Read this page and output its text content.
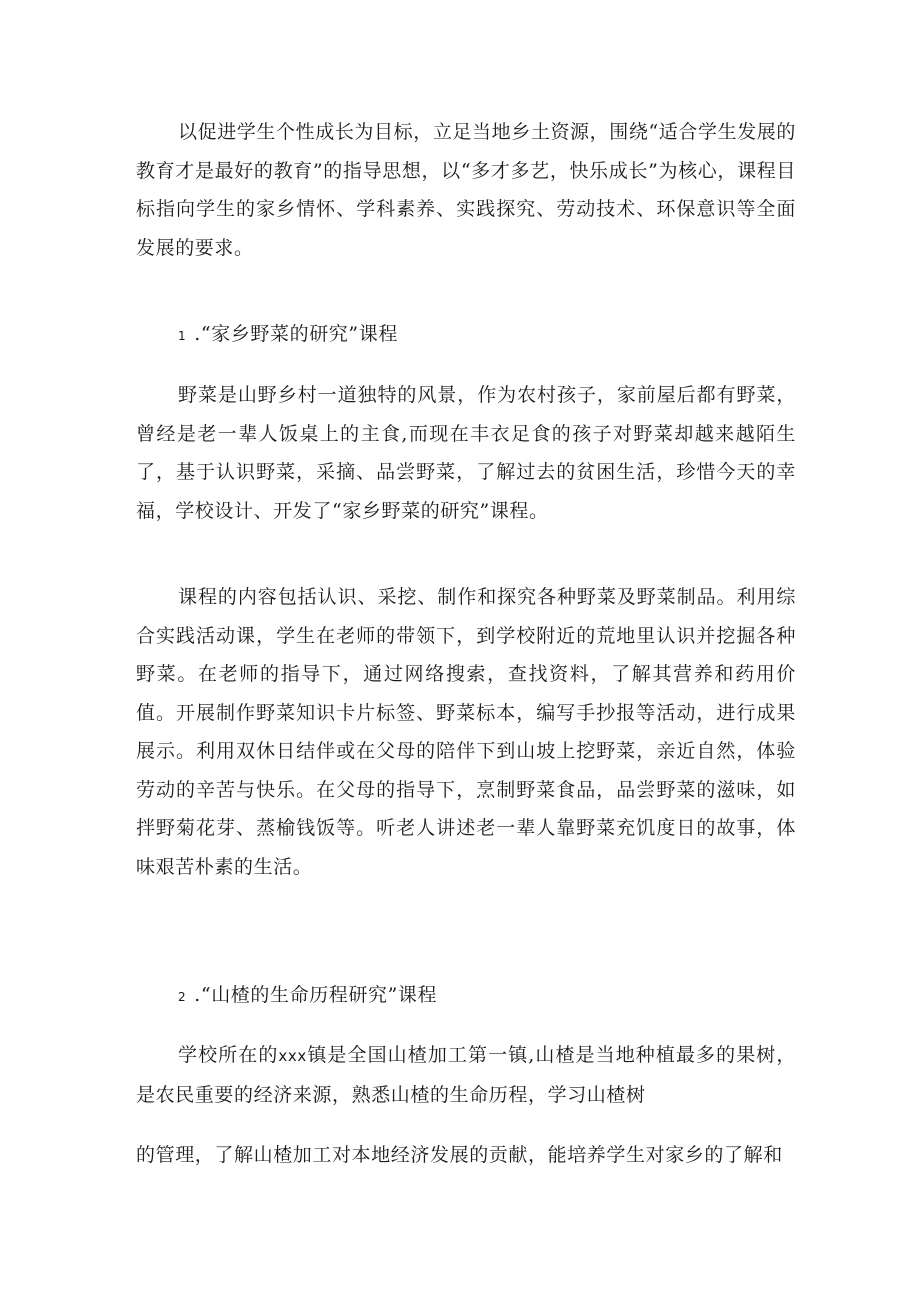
以促进学生个性成长为目标，立足当地乡土资源，围绕“适合学生发展的教育才是最好的教育”的指导思想，以“多才多艺，快乐成长”为核心，课程目标指向学生的家乡情怀、学科素养、实践探究、劳动技术、环保意识等全面发展的要求。

1 .“家乡野菜的研究”课程

野菜是山野乡村一道独特的风景，作为农村孩子，家前屋后都有野菜，曾经是老一辈人饭桌上的主食,而现在丰衣足食的孩子对野菜却越来越陌生了，基于认识野菜，采摘、品尝野菜，了解过去的贫困生活，珍惜今天的幸福，学校设计、开发了“家乡野菜的研究”课程。

课程的内容包括认识、采挖、制作和探究各种野菜及野菜制品。利用综合实践活动课，学生在老师的带领下，到学校附近的荒地里认识并挖掘各种野菜。在老师的指导下，通过网络搜索，查找资料，了解其营养和药用价值。开展制作野菜知识卡片标签、野菜标本，编写手抄报等活动，进行成果展示。利用双休日结伴或在父母的陪伴下到山坡上挖野菜，亲近自然，体验劳动的辛苦与快乐。在父母的指导下，烹制野菜食品，品尝野菜的滋味，如拌野菊花芽、蒸榆钱饭等。听老人讲述老一辈人靠野菜充饥度日的故事，体味艰苦朴素的生活。

2 .“山楂的生命历程研究”课程

学校所在的xxx镇是全国山楂加工第一镇,山楂是当地种植最多的果树，是农民重要的经济来源，熟悉山楂的生命历程，学习山楂树

的管理，了解山楂加工对本地经济发展的贡献，能培养学生对家乡的了解和
